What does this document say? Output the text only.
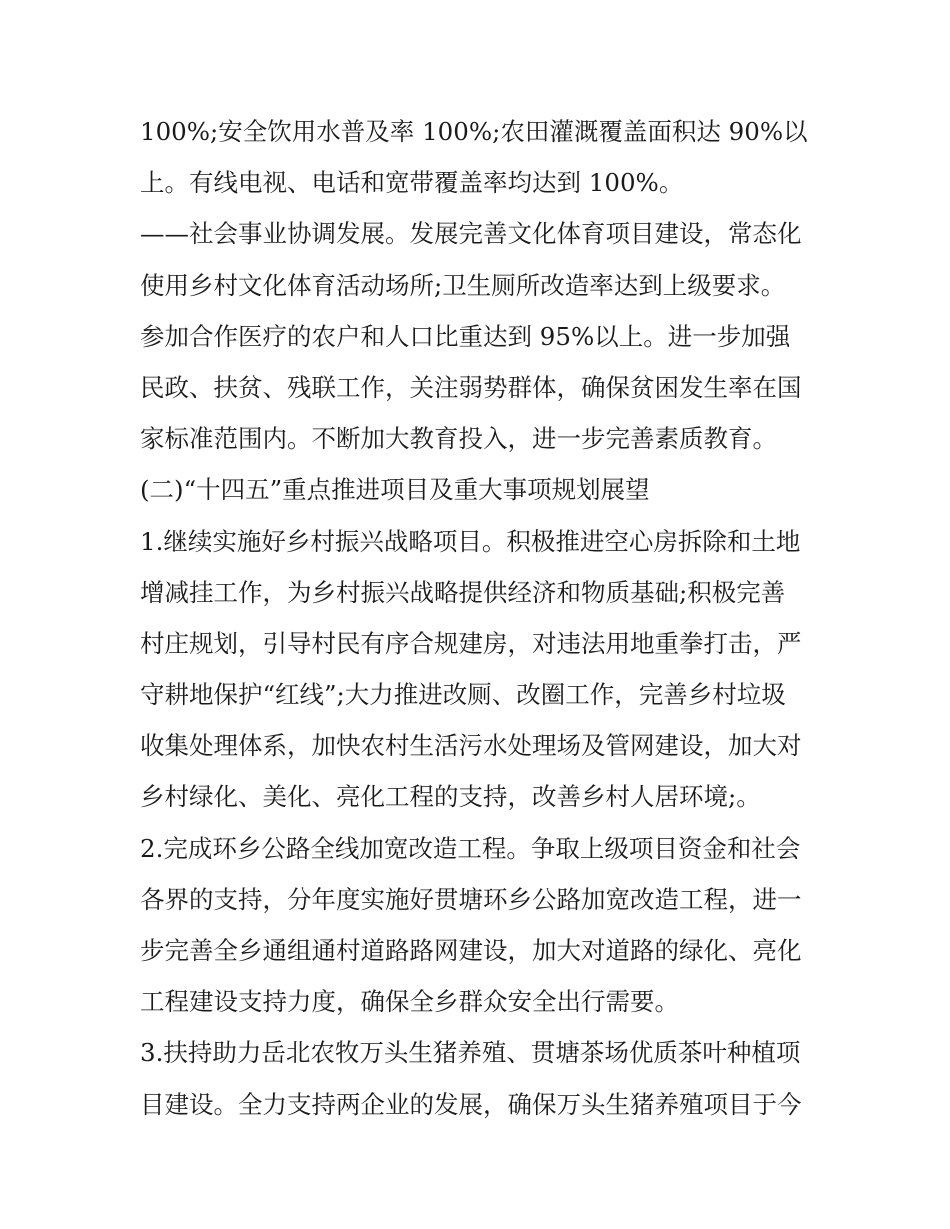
100%;安全饮用水普及率 100%;农田灌溉覆盖面积达 90%以
上。有线电视、电话和宽带覆盖率均达到 100%。
——社会事业协调发展。发展完善文化体育项目建设，常态化
使用乡村文化体育活动场所;卫生厕所改造率达到上级要求。
参加合作医疗的农户和人口比重达到 95%以上。进一步加强
民政、扶贫、残联工作，关注弱势群体，确保贫困发生率在国
家标准范围内。不断加大教育投入，进一步完善素质教育。
(二)“十四五”重点推进项目及重大事项规划展望
1.继续实施好乡村振兴战略项目。积极推进空心房拆除和土地
增减挂工作，为乡村振兴战略提供经济和物质基础;积极完善
村庄规划，引导村民有序合规建房，对违法用地重拳打击，严
守耕地保护“红线”;大力推进改厕、改圈工作，完善乡村垃圾
收集处理体系，加快农村生活污水处理场及管网建设，加大对
乡村绿化、美化、亮化工程的支持，改善乡村人居环境;。
2.完成环乡公路全线加宽改造工程。争取上级项目资金和社会
各界的支持，分年度实施好贯塘环乡公路加宽改造工程，进一
步完善全乡通组通村道路路网建设，加大对道路的绿化、亮化
工程建设支持力度，确保全乡群众安全出行需要。
3.扶持助力岳北农牧万头生猪养殖、贯塘茶场优质茶叶种植项
目建设。全力支持两企业的发展，确保万头生猪养殖项目于今
